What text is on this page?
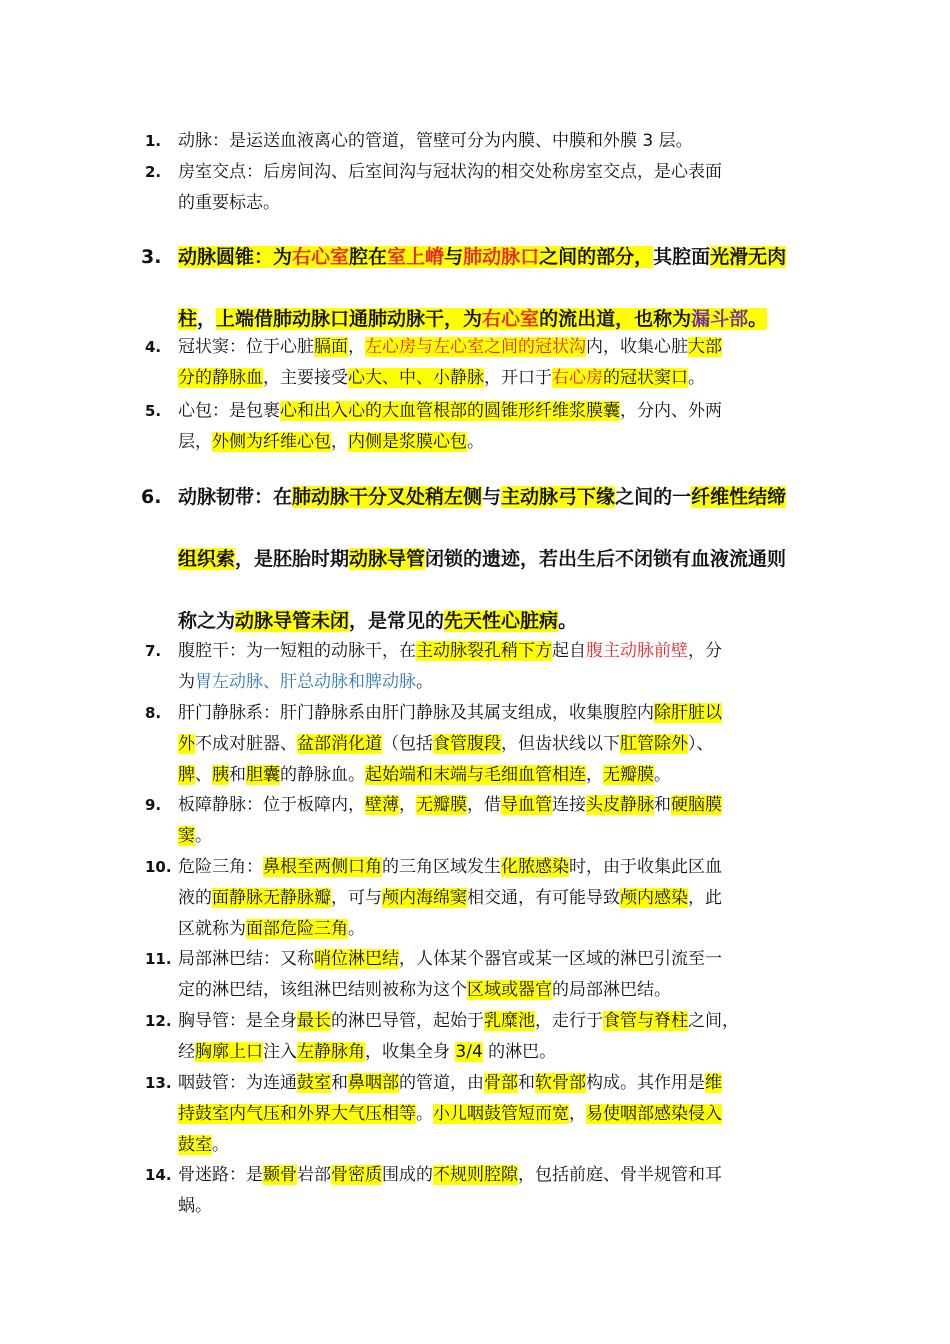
1. 动脉：是运送血液离心的管道，管壁可分为内膜、中膜和外膜 3 层。
2. 房室交点：后房间沟、后室间沟与冠状沟的相交处称房室交点，是心表面
的重要标志。
3. 动脉圆锥：为右心室腔在室上嵴与肺动脉口之间的部分，其腔面光滑无肉
柱，上端借肺动脉口通肺动脉干，为右心室的流出道，也称为漏斗部。
4. 冠状窦：位于心脏膈面，左心房与左心室之间的冠状沟内，收集心脏大部
分的静脉血，主要接受心大、中、小静脉，开口于右心房的冠状窦口。
5. 心包：是包裹心和出入心的大血管根部的圆锥形纤维浆膜囊，分内、外两
层，外侧为纤维心包，内侧是浆膜心包。
6. 动脉韧带：在肺动脉干分叉处稍左侧与主动脉弓下缘之间的一纤维性结缔
组织索，是胚胎时期动脉导管闭锁的遗迹，若出生后不闭锁有血液流通则
称之为动脉导管未闭，是常见的先天性心脏病。
7. 腹腔干：为一短粗的动脉干，在主动脉裂孔稍下方起自腹主动脉前壁，分
为胃左动脉、肝总动脉和脾动脉。
8. 肝门静脉系：肝门静脉系由肝门静脉及其属支组成，收集腹腔内除肝脏以
外不成对脏器、盆部消化道（包括食管腹段，但齿状线以下肛管除外）、
脾、胰和胆囊的静脉血。起始端和末端与毛细血管相连，无瓣膜。
9. 板障静脉：位于板障内，壁薄，无瓣膜，借导血管连接头皮静脉和硬脑膜
窦。
10. 危险三角：鼻根至两侧口角的三角区域发生化脓感染时，由于收集此区血
液的面静脉无静脉瓣，可与颅内海绵窦相交通，有可能导致颅内感染，此
区就称为面部危险三角。
11. 局部淋巴结：又称哨位淋巴结，人体某个器官或某一区域的淋巴引流至一
定的淋巴结，该组淋巴结则被称为这个区域或器官的局部淋巴结。
12. 胸导管：是全身最长的淋巴导管，起始于乳糜池，走行于食管与脊柱之间，
经胸廓上口注入左静脉角，收集全身 3/4 的淋巴。
13. 咽鼓管：为连通鼓室和鼻咽部的管道，由骨部和软骨部构成。其作用是维
持鼓室内气压和外界大气压相等。小儿咽鼓管短而宽，易使咽部感染侵入
鼓室。
14. 骨迷路：是颞骨岩部骨密质围成的不规则腔隙，包括前庭、骨半规管和耳
蜗。
